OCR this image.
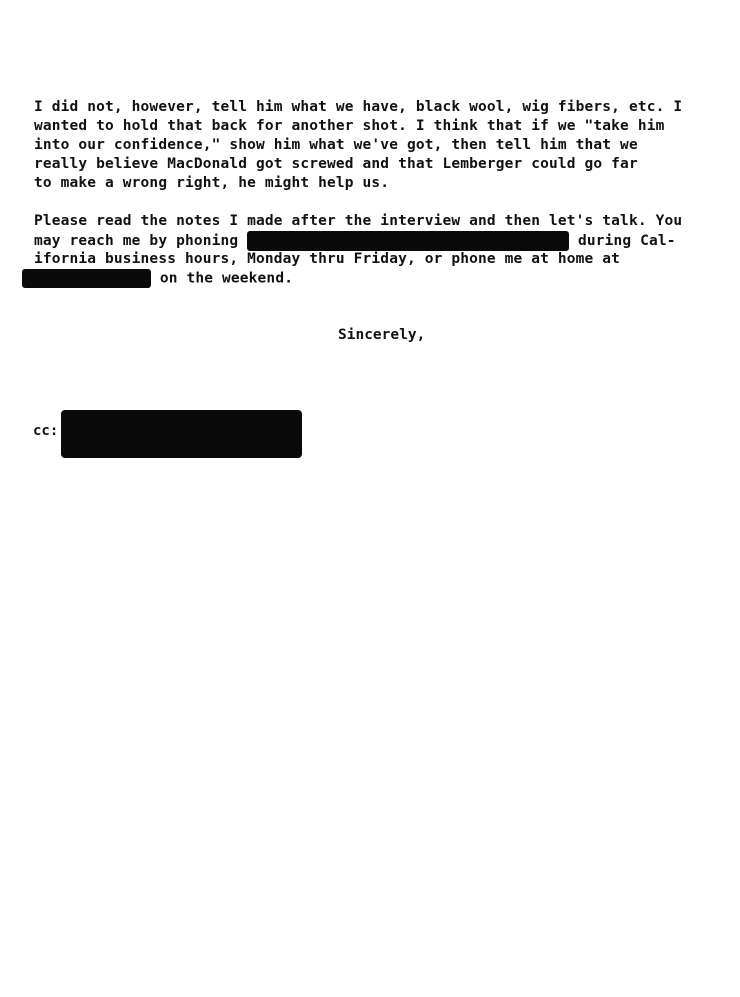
I did not, however, tell him what we have, black wool, wig fibers, etc. I
wanted to hold that back for another shot. I think that if we "take him
into our confidence," show him what we've got, then tell him that we
really believe MacDonald got screwed and that Lemberger could go far
to make a wrong right, he might help us.
Please read the notes I made after the interview and then let's talk. You
may reach me by phoning	during Cal-
ifornia business hours, Monday thru Friday, or phone me at home at
on the weekend.
Sincerely,
cc:
